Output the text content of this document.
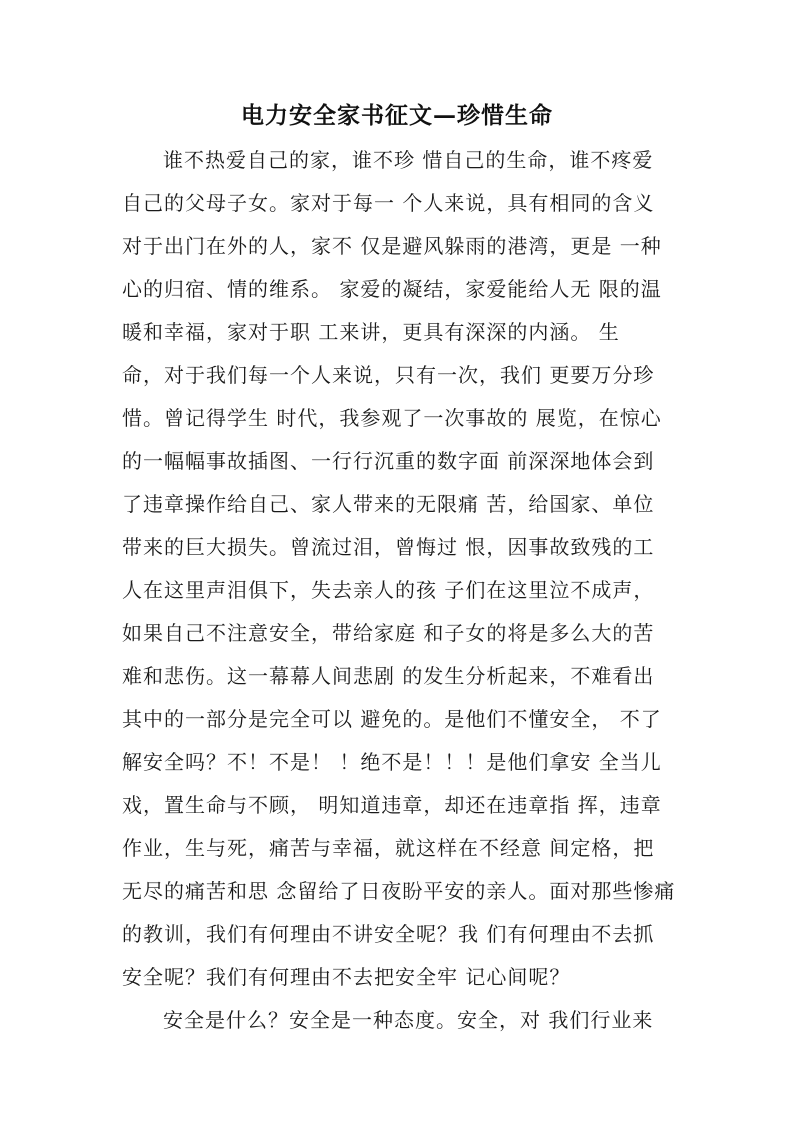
电力安全家书征文—珍惜生命
谁不热爱自己的家，谁不珍 惜自己的生命，谁不疼爱
自己的父母子女。家对于每一 个人来说，具有相同的含义
对于出门在外的人，家不 仅是避风躲雨的港湾，更是 一种
心的归宿、情的维系。 家爱的凝结，家爱能给人无 限的温
暖和幸福，家对于职 工来讲，更具有深深的内涵。 生
命，对于我们每一个人来说，只有一次，我们 更要万分珍
惜。曾记得学生 时代，我参观了一次事故的 展览，在惊心
的一幅幅事故插图、一行行沉重的数字面 前深深地体会到
了违章操作给自己、家人带来的无限痛 苦，给国家、单位
带来的巨大损失。曾流过泪，曾悔过 恨，因事故致残的工
人在这里声泪俱下，失去亲人的孩 子们在这里泣不成声，
如果自己不注意安全，带给家庭 和子女的将是多么大的苦
难和悲伤。这一幕幕人间悲剧 的发生分析起来，不难看出
其中的一部分是完全可以 避免的。是他们不懂安全， 不了
解安全吗？不！不是！ ！绝不是！！！是他们拿安 全当儿
戏，置生命与不顾， 明知道违章，却还在违章指 挥，违章
作业，生与死，痛苦与幸福，就这样在不经意 间定格，把
无尽的痛苦和思 念留给了日夜盼平安的亲人。面对那些惨痛
的教训，我们有何理由不讲安全呢？我 们有何理由不去抓
安全呢？我们有何理由不去把安全牢 记心间呢？
安全是什么？安全是一种态度。安全，对 我们行业来
